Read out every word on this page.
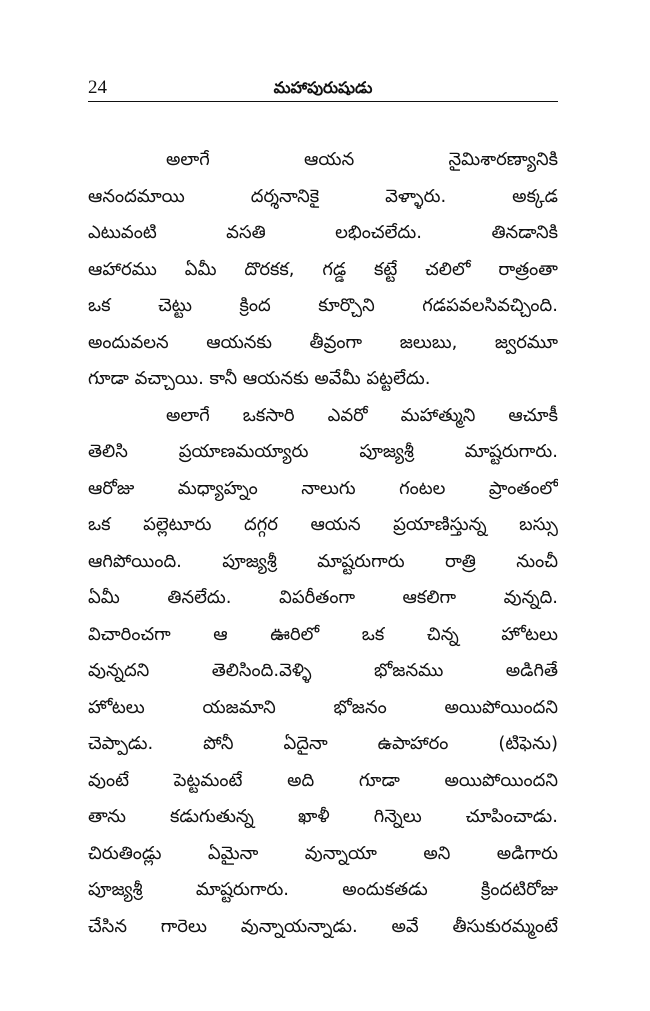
24	మహాపురుషుడు
అలాగే ఆయన నైమిశారణ్యానికి
ఆనందమాయి దర్శనానికై వెళ్ళారు. అక్కడ
ఎటువంటి వసతి లభించలేదు. తినడానికి
ఆహారము ఏమీ దొరకక, గడ్డ కట్టే చలిలో రాత్రంతా
ఒక చెట్టు క్రింద కూర్చొని గడపవలసివచ్చింది.
అందువలన ఆయనకు తీవ్రంగా జలుబు, జ్వరమూ
గూడా వచ్చాయి. కానీ ఆయనకు అవేమీ పట్టలేదు.
అలాగే ఒకసారి ఎవరో మహాత్ముని ఆచూకీ
తెలిసి ప్రయాణమయ్యారు పూజ్యశ్రీ మాష్టరుగారు.
ఆరోజు మధ్యాహ్నం నాలుగు గంటల ప్రాంతంలో
ఒక పల్లెటూరు దగ్గర ఆయన ప్రయాణిస్తున్న బస్సు
ఆగిపోయింది. పూజ్యశ్రీ మాష్టరుగారు రాత్రి నుంచీ
ఏమీ తినలేదు. విపరీతంగా ఆకలిగా వున్నది.
విచారించగా ఆ ఊరిలో ఒక చిన్న హోటలు
వున్నదని తెలిసింది.వెళ్ళి భోజనము అడిగితే
హోటలు యజమాని భోజనం అయిపోయిందని
చెప్పాడు. పోనీ ఏదైనా ఉపాహారం (టిఫెను)
వుంటే పెట్టమంటే అది గూడా అయిపోయిందని
తాను కడుగుతున్న ఖాళీ గిన్నెలు చూపించాడు.
చిరుతిండ్లు ఏమైనా వున్నాయా అని అడిగారు
పూజ్యశ్రీ మాష్టరుగారు. అందుకతడు క్రిందటిరోజు
చేసిన గారెలు వున్నాయన్నాడు. అవే తీసుకురమ్మంటే
